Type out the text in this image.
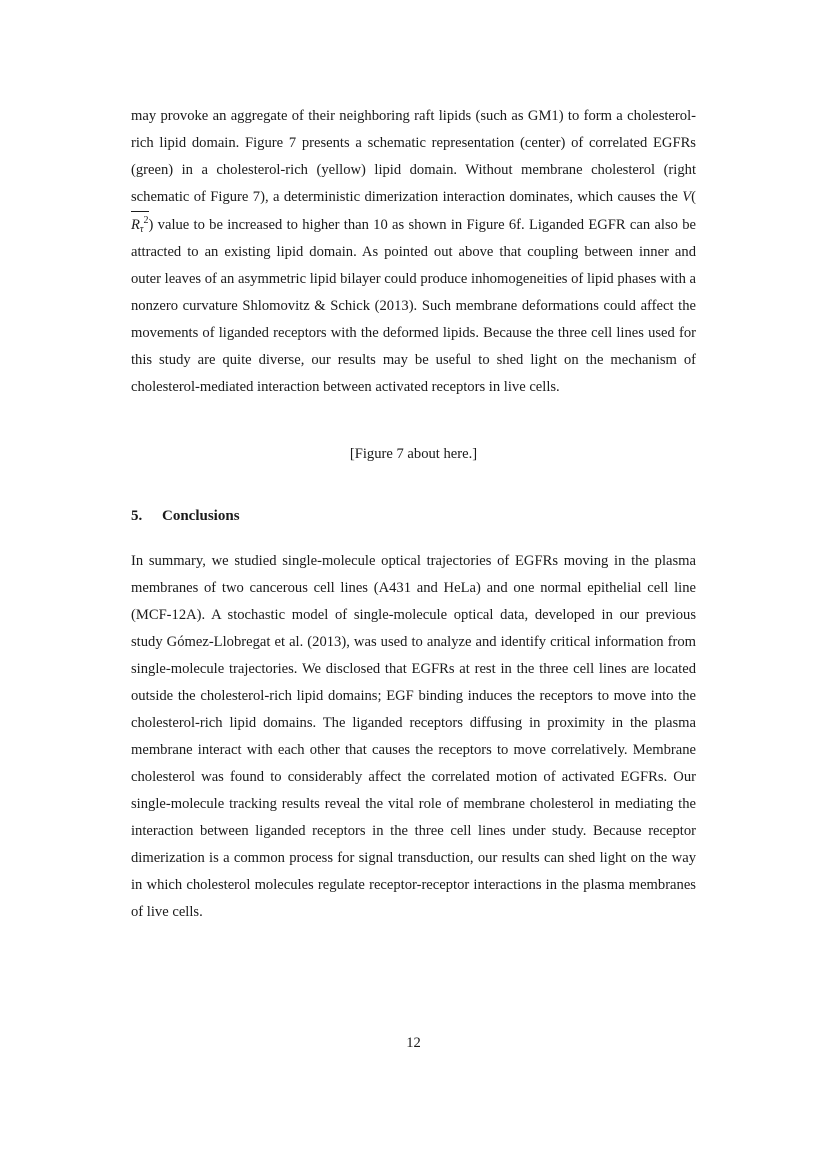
may provoke an aggregate of their neighboring raft lipids (such as GM1) to form a cholesterol-rich lipid domain. Figure 7 presents a schematic representation (center) of correlated EGFRs (green) in a cholesterol-rich (yellow) lipid domain. Without membrane cholesterol (right schematic of Figure 7), a deterministic dimerization interaction dominates, which causes the $V(R_\tau^2)$ value to be increased to higher than 10 as shown in Figure 6f. Liganded EGFR can also be attracted to an existing lipid domain. As pointed out above that coupling between inner and outer leaves of an asymmetric lipid bilayer could produce inhomogeneities of lipid phases with a nonzero curvature Shlomovitz & Schick (2013). Such membrane deformations could affect the movements of liganded receptors with the deformed lipids. Because the three cell lines used for this study are quite diverse, our results may be useful to shed light on the mechanism of cholesterol-mediated interaction between activated receptors in live cells.

[Figure 7 about here.]
5. Conclusions

In summary, we studied single-molecule optical trajectories of EGFRs moving in the plasma membranes of two cancerous cell lines (A431 and HeLa) and one normal epithelial cell line (MCF-12A). A stochastic model of single-molecule optical data, developed in our previous study Gómez-Llobregat et al. (2013), was used to analyze and identify critical information from single-molecule trajectories. We disclosed that EGFRs at rest in the three cell lines are located outside the cholesterol-rich lipid domains; EGF binding induces the receptors to move into the cholesterol-rich lipid domains. The liganded receptors diffusing in proximity in the plasma membrane interact with each other that causes the receptors to move correlatively. Membrane cholesterol was found to considerably affect the correlated motion of activated EGFRs. Our single-molecule tracking results reveal the vital role of membrane cholesterol in mediating the interaction between liganded receptors in the three cell lines under study. Because receptor dimerization is a common process for signal transduction, our results can shed light on the way in which cholesterol molecules regulate receptor-receptor interactions in the plasma membranes of live cells.

12
